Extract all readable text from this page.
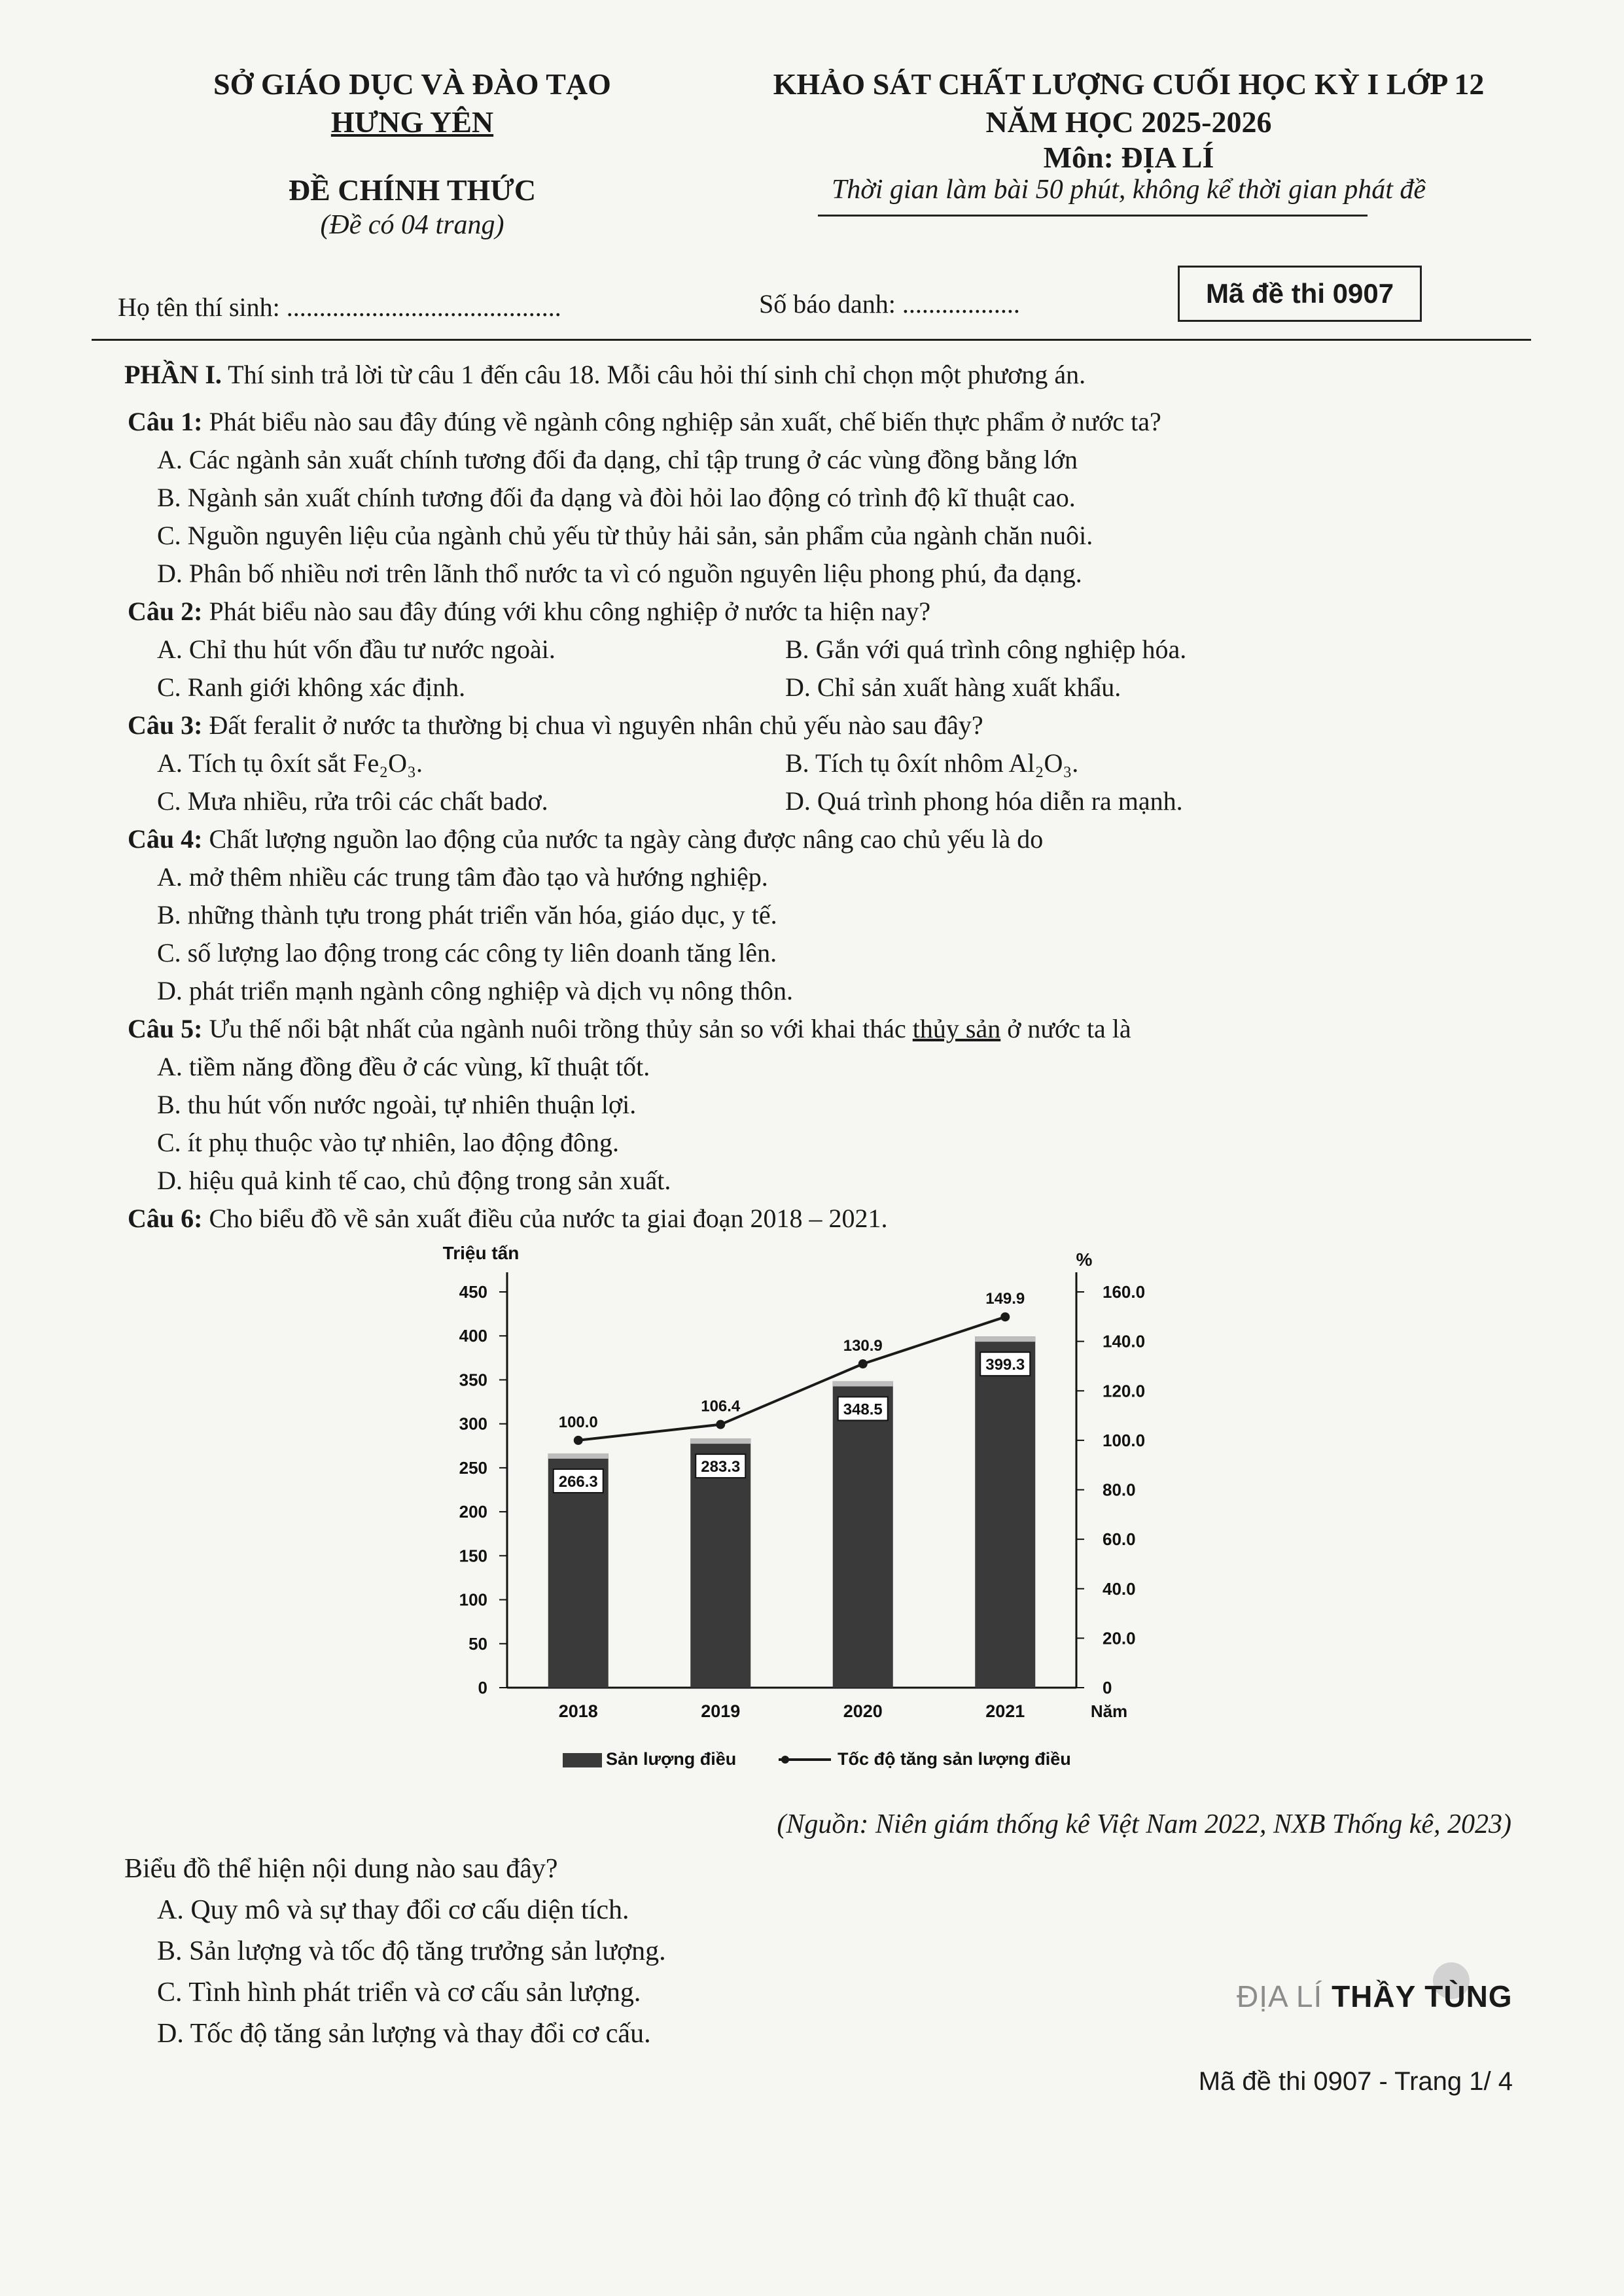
SỞ GIÁO DỤC VÀ ĐÀO TẠO
HƯNG YÊN
ĐỀ CHÍNH THỨC
(Đề có 04 trang)
KHẢO SÁT CHẤT LƯỢNG CUỐI HỌC KỲ I LỚP 12
NĂM HỌC 2025-2026
Môn: ĐỊA LÍ
Thời gian làm bài 50 phút, không kể thời gian phát đề
Họ tên thí sinh: ..........................................	Số báo danh: ..................	Mã đề thi 0907
PHẦN I. Thí sinh trả lời từ câu 1 đến câu 18. Mỗi câu hỏi thí sinh chỉ chọn một phương án.
Câu 1: Phát biểu nào sau đây đúng về ngành công nghiệp sản xuất, chế biến thực phẩm ở nước ta?
A. Các ngành sản xuất chính tương đối đa dạng, chỉ tập trung ở các vùng đồng bằng lớn
B. Ngành sản xuất chính tương đối đa dạng và đòi hỏi lao động có trình độ kĩ thuật cao.
C. Nguồn nguyên liệu của ngành chủ yếu từ thủy hải sản, sản phẩm của ngành chăn nuôi.
D. Phân bố nhiều nơi trên lãnh thổ nước ta vì có nguồn nguyên liệu phong phú, đa dạng.
Câu 2: Phát biểu nào sau đây đúng với khu công nghiệp ở nước ta hiện nay?
A. Chỉ thu hút vốn đầu tư nước ngoài.	B. Gắn với quá trình công nghiệp hóa.
C. Ranh giới không xác định.	D. Chỉ sản xuất hàng xuất khẩu.
Câu 3: Đất feralit ở nước ta thường bị chua vì nguyên nhân chủ yếu nào sau đây?
A. Tích tụ ôxít sắt Fe₂O₃.	B. Tích tụ ôxít nhôm Al₂O₃.
C. Mưa nhiều, rửa trôi các chất badơ.	D. Quá trình phong hóa diễn ra mạnh.
Câu 4: Chất lượng nguồn lao động của nước ta ngày càng được nâng cao chủ yếu là do
A. mở thêm nhiều các trung tâm đào tạo và hướng nghiệp.
B. những thành tựu trong phát triển văn hóa, giáo dục, y tế.
C. số lượng lao động trong các công ty liên doanh tăng lên.
D. phát triển mạnh ngành công nghiệp và dịch vụ nông thôn.
Câu 5: Ưu thế nổi bật nhất của ngành nuôi trồng thủy sản so với khai thác thủy sản ở nước ta là
A. tiềm năng đồng đều ở các vùng, kĩ thuật tốt.
B. thu hút vốn nước ngoài, tự nhiên thuận lợi.
C. ít phụ thuộc vào tự nhiên, lao động đông.
D. hiệu quả kinh tế cao, chủ động trong sản xuất.
Câu 6: Cho biểu đồ về sản xuất điều của nước ta giai đoạn 2018 – 2021.
Triệu tấn	%
Năm
Sản lượng điều	Tốc độ tăng sản lượng điều
0
50
100
150
200
250
300
350
400
450
0
20.0
40.0
60.0
80.0
100.0
120.0
140.0
160.0
266.3
283.3
348.5
399.3
2018	2019	2020	2021
100.0
106.4
130.9
149.9
(Nguồn: Niên giám thống kê Việt Nam 2022, NXB Thống kê, 2023)
Biểu đồ thể hiện nội dung nào sau đây?
A. Quy mô và sự thay đổi cơ cấu diện tích.
B. Sản lượng và tốc độ tăng trưởng sản lượng.
C. Tình hình phát triển và cơ cấu sản lượng.
D. Tốc độ tăng sản lượng và thay đổi cơ cấu.
ĐỊA LÍ THẦY TÙNG
Mã đề thi 0907 - Trang 1/ 4
